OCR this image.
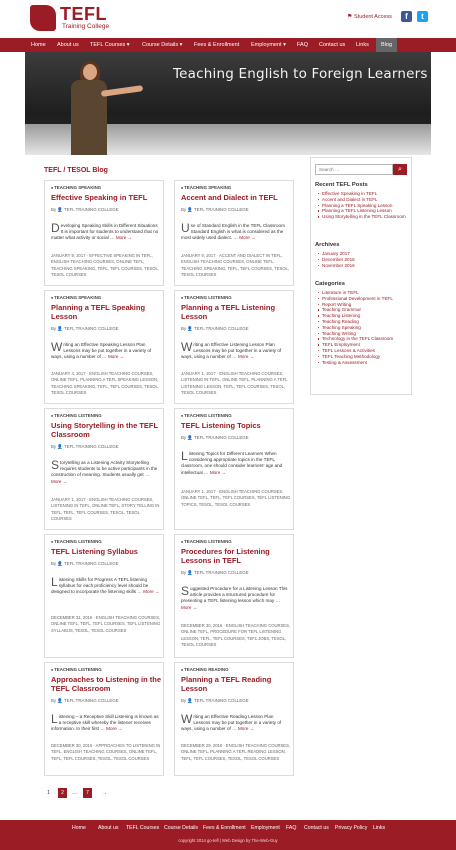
TEFL
Training College
⚑ Student Access	f	t
Home About us TEFL Courses ▾ Course Details ▾ Fees & Enrollment Employment ▾ FAQ Contact us Links	Blog
Teaching English to Foreign Learners
TEFL / TESOL Blog
■ TEACHING SPEAKING
Effective Speaking in TEFL
By 👤 TEFL TRAINING COLLEGE
Developing Speaking Skills in Different Situations It is important for students to understand that no matter what activity or social … More →
JANUARY 9, 2017 · EFFECTIVE SPEAKING IN TEFL, ENGLISH TEACHING COURSES, ONLINE TEFL, TEACHING SPEAKING, TEFL, TEFL COURSES, TESOL, TESOL COURSES
■ TEACHING SPEAKING
Accent and Dialect in TEFL
By 👤 TEFL TRAINING COLLEGE
Use of Standard English in the TEFL Classroom Standard English is what is considered as the most widely used dialect. … More →
JANUARY 9, 2017 · ACCENT AND DIALECT IN TEFL, ENGLISH TEACHING COURSES, ONLINE TEFL, TEACHING SPEAKING, TEFL, TEFL COURSES, TESOL, TESOL COURSES
■ TEACHING SPEAKING
Planning a TEFL Speaking Lesson
By 👤 TEFL TRAINING COLLEGE
Writing an Effective Speaking Lesson Plan Lessons may be put together in a variety of ways, using a number of … More →
JANUARY 4, 2017 · ENGLISH TEACHING COURSES, ONLINE TEFL, PLANNING A TEFL SPEAKING LESSON, TEACHING SPEAKING, TEFL, TEFL COURSES, TESOL, TESOL COURSES
■ TEACHING LISTENING
Planning a TEFL Listening Lesson
By 👤 TEFL TRAINING COLLEGE
Writing an Effective Listening Lesson Plan Lessons may be put together in a variety of ways, using a number of … More →
JANUARY 1, 2017 · ENGLISH TEACHING COURSES, LISTENING IN TEFL, ONLINE TEFL, PLANNING A TEFL LISTENING LESSON, TEFL, TEFL COURSES, TESOL, TESOL COURSES
■ TEACHING LISTENING
Using Storytelling in the TEFL Classroom
By 👤 TEFL TRAINING COLLEGE
Storytelling as a Listening Activity Storytelling requires students to be active participants in the construction of meaning. Students usually get … More →
JANUARY 1, 2017 · ENGLISH TEACHING COURSES, LISTENING IN TEFL, ONLINE TEFL, STORY TELLING IN TEFL, TEFL, TEFL COURSES, TESOL, TESOL COURSES
■ TEACHING LISTENING
TEFL Listening Topics
By 👤 TEFL TRAINING COLLEGE
Listening Topics for Different Learners When considering appropriate topics in the TEFL classroom, one should consider learners' age and intellectual … More →
JANUARY 1, 2017 · ENGLISH TEACHING COURSES, ONLINE TEFL, TEFL, TEFL COURSES, TEFL LISTENING TOPICS, TESOL, TESOL COURSES
■ TEACHING LISTENING
TEFL Listening Syllabus
By 👤 TEFL TRAINING COLLEGE
Listening Skills for Progress A TEFL listening syllabus for each proficiency level should be designed to incorporate the listening skills … More →
DECEMBER 31, 2016 · ENGLISH TEACHING COURSES, ONLINE TEFL, TEFL, TEFL COURSES, TEFL LISTENING SYLLABUS, TESOL, TESOL COURSES
■ TEACHING LISTENING
Procedures for Listening Lessons in TEFL
By 👤 TEFL TRAINING COLLEGE
Suggested Procedure for a Listening Lesson This article provides a structured procedure for presenting a TEFL listening lesson which may … More →
DECEMBER 30, 2016 · ENGLISH TEACHING COURSES, ONLINE TEFL, PROCEDURE FOR TEFL LISTENING LESSON, TEFL, TEFL COURSES, TEFL JOBS, TESOL, TESOL COURSES
■ TEACHING LISTENING
Approaches to Listening in the TEFL Classroom
By 👤 TEFL TRAINING COLLEGE
Listening – a Receptive Skill Listening is known as a receptive skill whereby the listener receives information. In their first … More →
DECEMBER 30, 2016 · APPROACHES TO LISTENING IN TEFL, ENGLISH TEACHING COURSES, ONLINE TEFL, TEFL, TEFL COURSES, TESOL, TESOL COURSES
■ TEACHING READING
Planning a TEFL Reading Lesson
By 👤 TEFL TRAINING COLLEGE
Writing an Effective Reading Lesson Plan Lessons may be put together in a variety of ways, using a number of … More →
DECEMBER 29, 2016 · ENGLISH TEACHING COURSES, ONLINE TEFL, PLANNING A TEFL READING LESSON, TEFL, TEFL COURSES, TESOL, TESOL COURSES
1	2	…	7	→
Search …	⌕
Recent TEFL Posts
Effective Speaking in TEFL
Accent and Dialect in TEFL
Planning a TEFL Speaking Lesson
Planning a TEFL Listening Lesson
Using Storytelling in the TEFL Classroom
Archives
January 2017
December 2016
November 2016
Categories
Literature in TEFL
Professional Development in TEFL
Report Writing
Teaching Grammar
Teaching Listening
Teaching Reading
Teaching Speaking
Teaching Writing
Technology in the TEFL Classroom
TEFL Employment
TEFL Lessons & Activities
TEFL Teaching Methodology
Testing & Assessment
Home About us TEFL Courses Course Details Fees & Enrollment Employment FAQ Contact us Privacy Policy Links
copyright 2014 go-tefl | Web Design by The-Web-Guy
